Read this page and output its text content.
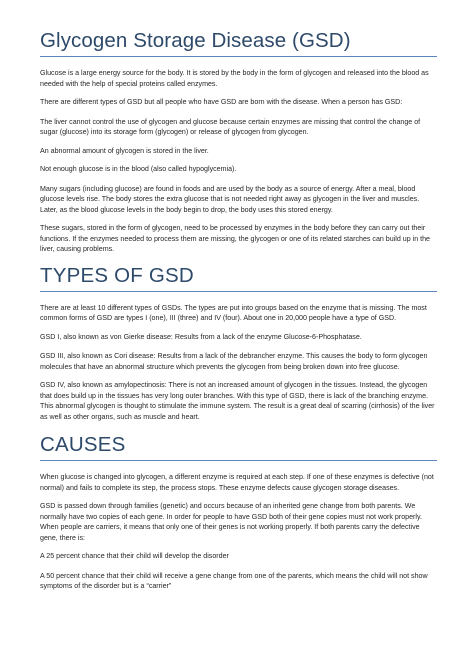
Glycogen Storage Disease (GSD)

Glucose is a large energy source for the body. It is stored by the body in the form of glycogen and released into the blood as needed with the help of special proteins called enzymes.

There are different types of GSD but all people who have GSD are born with the disease. When a person has GSD:

The liver cannot control the use of glycogen and glucose because certain enzymes are missing that control the change of sugar (glucose) into its storage form (glycogen) or release of glycogen from glycogen.

An abnormal amount of glycogen is stored in the liver.

Not enough glucose is in the blood (also called hypoglycemia).

Many sugars (including glucose) are found in foods and are used by the body as a source of energy. After a meal, blood glucose levels rise. The body stores the extra glucose that is not needed right away as glycogen in the liver and muscles. Later, as the blood glucose levels in the body begin to drop, the body uses this stored energy.

These sugars, stored in the form of glycogen, need to be processed by enzymes in the body before they can carry out their functions. If the enzymes needed to process them are missing, the glycogen or one of its related starches can build up in the liver, causing problems.

TYPES OF GSD

There are at least 10 different types of GSDs. The types are put into groups based on the enzyme that is missing. The most common forms of GSD are types I (one), III (three) and IV (four). About one in 20,000 people have a type of GSD.

GSD I, also known as von Gierke disease: Results from a lack of the enzyme Glucose-6-Phosphatase.

GSD III, also known as Cori disease: Results from a lack of the debrancher enzyme. This causes the body to form glycogen molecules that have an abnormal structure which prevents the glycogen from being broken down into free glucose.

GSD IV, also known as amylopectinosis: There is not an increased amount of glycogen in the tissues. Instead, the glycogen that does build up in the tissues has very long outer branches. With this type of GSD, there is lack of the branching enzyme. This abnormal glycogen is thought to stimulate the immune system. The result is a great deal of scarring (cirrhosis) of the liver as well as other organs, such as muscle and heart.

CAUSES

When glucose is changed into glycogen, a different enzyme is required at each step. If one of these enzymes is defective (not normal) and fails to complete its step, the process stops. These enzyme defects cause glycogen storage diseases.

GSD is passed down through families (genetic) and occurs because of an inherited gene change from both parents. We normally have two copies of each gene. In order for people to have GSD both of their gene copies must not work properly. When people are carriers, it means that only one of their genes is not working properly. If both parents carry the defective gene, there is:

A 25 percent chance that their child will develop the disorder

A 50 percent chance that their child will receive a gene change from one of the parents, which means the child will not show symptoms of the disorder but is a “carrier”
